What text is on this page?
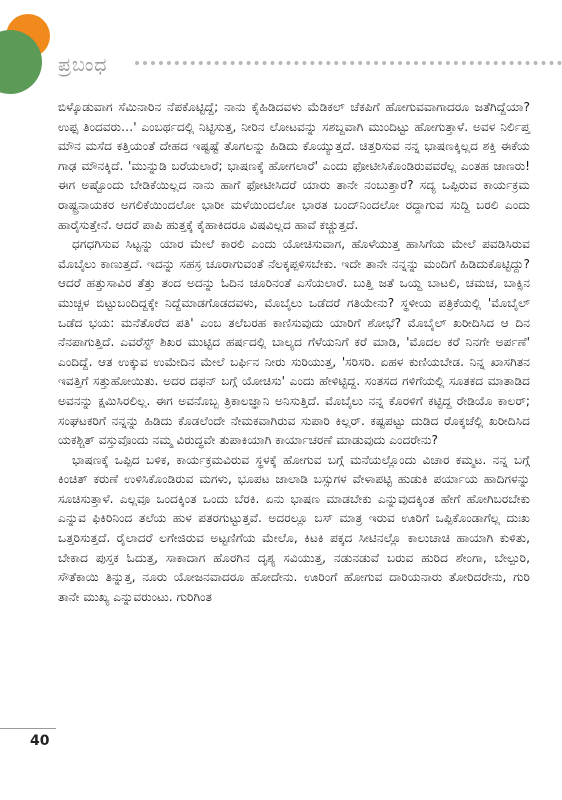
ಪ್ರಬಂಧ

ಬಿಳ್ಕೊಡುವಾಗ ಸೆಮಿನಾರಿನ ನೆಪಕೊಟ್ಟಿದ್ದೆ; ನಾನು ಕೈಹಿಡಿದವಳು ಮೆಡಿಕಲ್ ಚೆಕಪಿಗೆ ಹೋಗುವವಾಗಾದರೂ ಜತೆಗಿದ್ದೆಯಾ? ಉಫ್ಸ ತಿಂದವರು…' ಎಂಬರ್ಥದಲ್ಲಿ ನಿಟ್ಟಿಸುತ್ತ, ನೀರಿನ ಲೋಟವನ್ನು ಸಶಬ್ದವಾಗಿ ಮುಂದಿಟ್ಟು ಹೋಗುತ್ತಾಳೆ. ಅವಳ ನಿರ್ಲಿಪ್ತ ಮೌನ ಮಸೆದ ಕತ್ತಿಯಂತೆ ದೇಹದ ಇಷ್ಟಷ್ಟೆ ತೊಗಲನ್ನು ಹಿಡಿದು ಕೊಯ್ಯುತ್ತದೆ. ಚಿತ್ತರಿಸುವ ನನ್ನ ಭಾಷಣಕ್ಕಿಲ್ಲದ ಶಕ್ತಿ ಈಕೆಯ ಗಾಢ ಮೌನಕ್ಕಿದೆ. 'ಮುನ್ನುಡಿ ಬರೆಯಲಾರೆ; ಭಾಷಣಕ್ಕೆ ಹೋಗಲಾರೆ' ಎಂದು ಫೋಟೀಸಿಕೊಂಡಿರುವವರೆಲ್ಲ ಎಂತಹ ಜಾಣರು! ಈಗ ಅಷ್ಟೊಂದು ಬೇಡಿಕೆಯಿಲ್ಲದ ನಾನು ಹಾಗೆ ಫೋಟೀಸಿದರೆ ಯಾರು ತಾನೇ ನಂಬುತ್ತಾರೆ? ಸದ್ಯ ಒಪ್ಪಿರುವ ಕಾರ್ಯಕ್ರಮ ರಾಷ್ಟ್ರನಾಯಕರ ಅಗಲಿಕೆಯಿಂದಲೋ ಭಾರೀ ಮಳೆಯಿಂದಲೋ ಭಾರತ ಬಂದ್‌ನಿಂದಲೋ ರದ್ದಾಗುವ ಸುದ್ದಿ ಬರಲಿ ಎಂದು ಹಾರೈಸುತ್ತೇನೆ. ಆದರೆ ಪಾಪಿ ಹುತ್ತಕ್ಕೆ ಕೈಹಾಕಿದರೂ ವಿಷವಿಲ್ಲದ ಹಾವೆ ಕಚ್ಚುತ್ತದೆ.

ಧಗಧಗಿಸುವ ಸಿಟ್ಟನ್ನು ಯಾರ ಮೇಲೆ ಕಾರಲಿ ಎಂದು ಯೋಚಿಸುವಾಗ, ಹೊಳೆಯುತ್ತ ಹಾಸಿಗೆಯ ಮೇಲೆ ಪವಡಿಸಿರುವ ಮೊಬೈಲು ಕಾಣುತ್ತದೆ. ಇದನ್ನು ಸಹಸ್ರ ಚೂರಾಗುವಂತೆ ನೆಲಕ್ಕಪ್ಪಳಿಸಬೇಕು. ಇದೇ ತಾನೇ ನನ್ನನ್ನು ಮಂದಿಗೆ ಹಿಡಿದುಕೊಟ್ಟಿದ್ದು? ಆದರೆ ಹತ್ತುಸಾವಿರ ತೆತ್ತು ತಂದ ಅದನ್ನು ಓದಿನ ಚೂರಿನಂತೆ ಎಸೆಯಲಾರೆ. ಬುತ್ತಿ ಜತೆ ಒಯ್ದ ಬಾಟಲಿ, ಚಮಚ, ಬಾಕ್ಸಿನ ಮುಚ್ಚಳ ಬಿಟ್ಟುಬಂದಿದ್ದಕ್ಕೇ ನಿದ್ದೆಮಾಡಗೊಡದವಳು, ಮೊಬೈಲು ಒಡೆದರೆ ಗತಿಯೇನು? ಸ್ಥಳೀಯ ಪತ್ರಿಕೆಯಲ್ಲಿ 'ಮೊಬೈಲ್ ಒಡೆದ ಭಯ: ಮನೆತೊರೆದ ಪತಿ' ಎಂಬ ತಲೆಬರಹ ಕಾಣಿಸುವುದು ಯಾರಿಗೆ ಶೋಭೆ? ಮೊಬೈಲ್ ಖರೀದಿಸಿದ ಆ ದಿನ ನೆನಪಾಗುತ್ತಿದೆ. ಎವರೆಸ್ಟ್ ಶಿಖರ ಮುಟ್ಟಿದ ಹರ್ಷದಲ್ಲಿ ಬಾಲ್ಯದ ಗೆಳೆಯನಿಗೆ ಕರೆ ಮಾಡಿ, 'ಮೊದಲ ಕರೆ ನಿನಗೇ ಅರ್ಪಣೆ' ಎಂದಿದ್ದೆ. ಆತ ಉಕ್ಕುವ ಉಮೇದಿನ ಮೇಲೆ ಬರ್ಫಿನ ನೀರು ಸುರಿಯುತ್ತ, 'ಸರಿಸರಿ. ಏಹಳ ಕುಣಿಯಬೇಡ. ನಿನ್ನ ಖಾಸಗಿತನ ಇವತ್ತಿಗೆ ಸತ್ತುಹೋಯಿತು. ಅದರ ದಫನ್ ಬಗ್ಗೆ ಯೋಚಿಸು' ಎಂದು ಹೇಳಿಟ್ಟಿದ್ದ. ಸಂತಸದ ಗಳಿಗೆಯಲ್ಲಿ ಸೂತಕದ ಮಾತಾಡಿದ ಅವನನ್ನು ಕ್ಷಮಿಸಿರಲಿಲ್ಲ. ಈಗ ಅವನೊಬ್ಬ ತ್ರಿಕಾಲಜ್ಞಾನಿ ಅನಿಸುತ್ತಿದೆ. ಮೊಬೈಲು ನನ್ನ ಕೊರಳಿಗೆ ಕಟ್ಟಿದ್ದ ರೇಡಿಯೊ ಕಾಲರ್; ಸಂಘಟಕರಿಗೆ ನನ್ನನ್ನು ಹಿಡಿದು ಕೊಡಲೆಂದೇ ನೇಮಕವಾಗಿರುವ ಸುಪಾರಿ ಕಿಲ್ಲರ್. ಕಷ್ಟಪಟ್ಟು ದುಡಿದ ರೊಕ್ಕಚೆಲ್ಲಿ ಖರೀದಿಸಿದ ಯಕಶ್ಚಿತ್ ವಸ್ತುವೊಂದು ನಮ್ಮ ವಿರುದ್ಧವೇ ತುಪಾಕಿಯಾಗಿ ಕಾರ್ಯಾಚರಣೆ ಮಾಡುವುದು ಎಂದರೇನು?

ಭಾಷಣಕ್ಕೆ ಒಪ್ಪಿದ ಬಳಿಕ, ಕಾರ್ಯಕ್ರಮವಿರುವ ಸ್ಥಳಕ್ಕೆ ಹೋಗುವ ಬಗ್ಗೆ ಮನೆಯಲ್ಲೊಂದು ವಿಚಾರ ಕಮ್ಮಟ. ನನ್ನ ಬಗ್ಗೆ ಕಿಂಚಿತ್ ಕರುಣೆ ಉಳಿಸಿಕೊಂಡಿರುವ ಮಗಳು, ಭೂಪಟ ಜಾಲಾಡಿ ಬಸ್ಸುಗಳ ವೇಳಾಪಟ್ಟಿ ಹುಡುಕಿ ಪರ್ಯಾಯ ಹಾದಿಗಳನ್ನು ಸೂಚಿಸುತ್ತಾಳೆ. ಎಲ್ಲವೂ ಒಂದಕ್ಕಿಂತ ಒಂದು ಬೆರಕಿ. ಏನು ಭಾಷಣ ಮಾಡಬೇಕು ಎನ್ನುವುದಕ್ಕಿಂತ ಹೇಗೆ ಹೋಗಿಬರಬೇಕು ಎನ್ನುವ ಫಿಕಿರಿನಿಂದ ತಲೆಯ ಹುಳ ಪತರಗುಟ್ಟುತ್ತವೆ. ಅದರಲ್ಲೂ ಬಸ್ ಮಾತ್ರ ಇರುವ ಊರಿಗೆ ಒಪ್ಪಿಕೊಂಡಾಗೆಲ್ಲ ದುಃಖ ಒತ್ತರಿಸುತ್ತದೆ. ರೈಲಾದರೆ ಲಗೇಜಿರುವ ಅಟ್ಟಣಿಗೆಯ ಮೇಲೊ, ಕಿಟಕಿ ಪಕ್ಕದ ಸೀಟಿನಲ್ಲೊ ಕಾಲುಚಾಚಿ ಹಾಯಾಗಿ ಕುಳಿತು, ಬೇಕಾದ ಪುಸ್ತಕ ಓದುತ್ತ, ಸಾಕಾದಾಗ ಹೊರಗಿನ ದೃಶ್ಯ ಸವಿಯುತ್ತ, ನಡುನಡುವೆ ಬರುವ ಹುರಿದ ಶೇಂಗಾ, ಬೇಲ್ಪುರಿ, ಸೌತೆಕಾಯಿ ತಿನ್ನುತ್ತ, ನೂರು ಯೋಜನವಾದರೂ ಹೋದೇನು. ಊರಿಂಗೆ ಹೋಗುವ ದಾರಿಯನಾರು ತೋರಿದರೇನು, ಗುರಿ ತಾನೇ ಮುಖ್ಯ ಎನ್ನುವರುಂಟು. ಗುರಿಗಿಂತ

40
